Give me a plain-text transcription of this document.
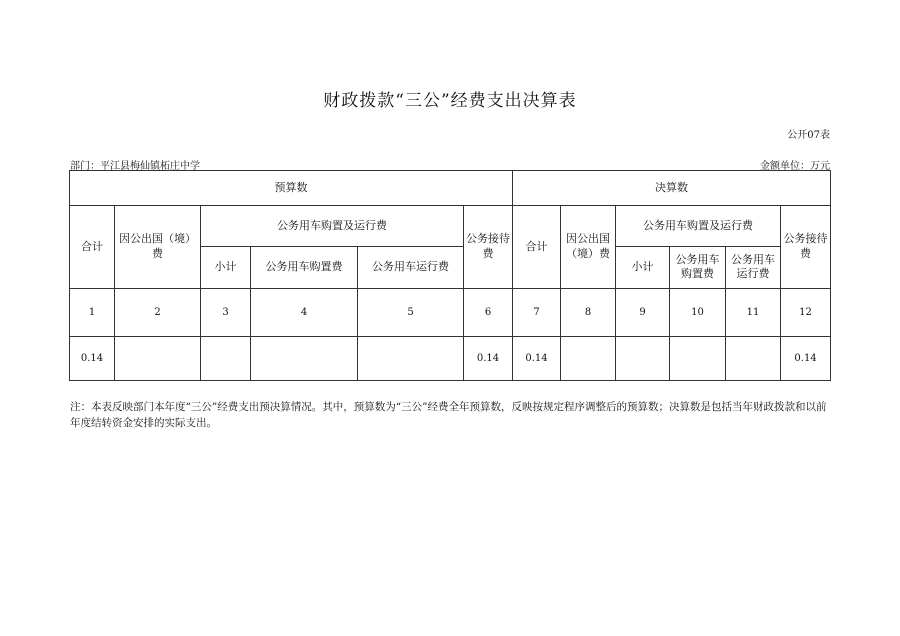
财政拨款“三公”经费支出决算表
公开07表
部门：平江县梅仙镇柘庄中学	金额单位：万元
预算数						决算数					
合计	因公出国（境）费	公务用车购置及运行费			公务接待费	合计	因公出国（境）费	公务用车购置及运行费			公务接待费
		小计	公务用车购置费	公务用车运行费				小计	公务用车购置费	公务用车运行费	
1	2	3	4	5	6	7	8	9	10	11	12
0.14					0.14	0.14					0.14
注：本表反映部门本年度“三公”经费支出预决算情况。其中，预算数为“三公”经费全年预算数，反映按规定程序调整后的预算数；决算数是包括当年财政拨款和以前年度结转资金安排的实际支出。
